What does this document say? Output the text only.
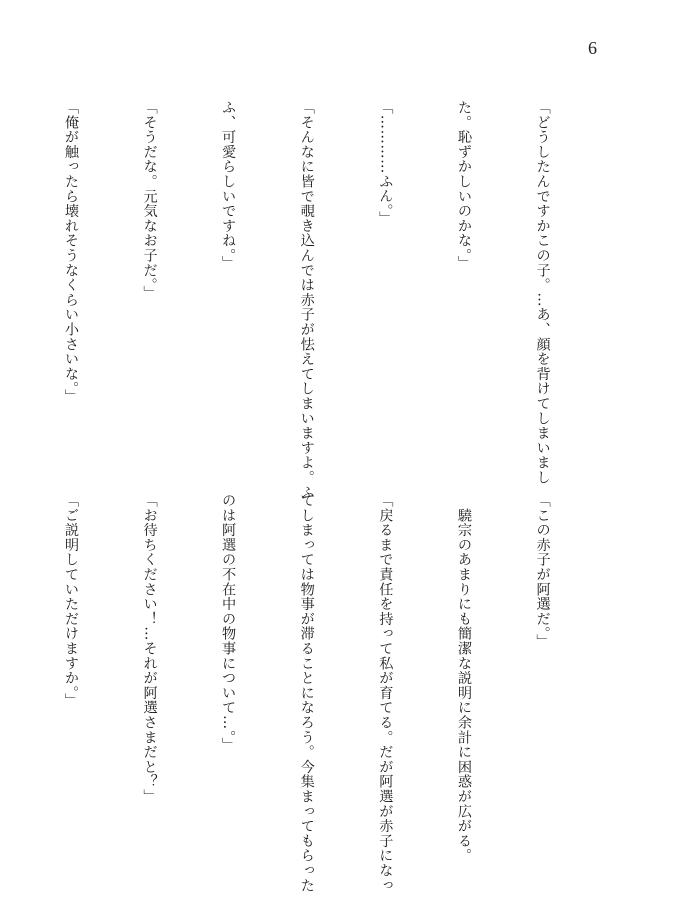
6

「どうしたんですかこの子。…あ、顔を背けてしまいまし

た。恥ずかしいのかな。」

「…………ふん。」

「そんなに皆で覗き込んでは赤子が怯えてしまいますよ。ふ

ふ、可愛らしいですね。」

「そうだな。元気なお子だ。」

「俺が触ったら壊れそうなくらい小さいな。」

「この赤子が阿選だ。」

　驍宗のあまりにも簡潔な説明に余計に困惑が広がる。

「戻るまで責任を持って私が育てる。だが阿選が赤子になっ

てしまっては物事が滞ることになろう。今集まってもらった

のは阿選の不在中の物事について…。」

「お待ちください！…それが阿選さまだと？」

「ご説明していただけますか。」
